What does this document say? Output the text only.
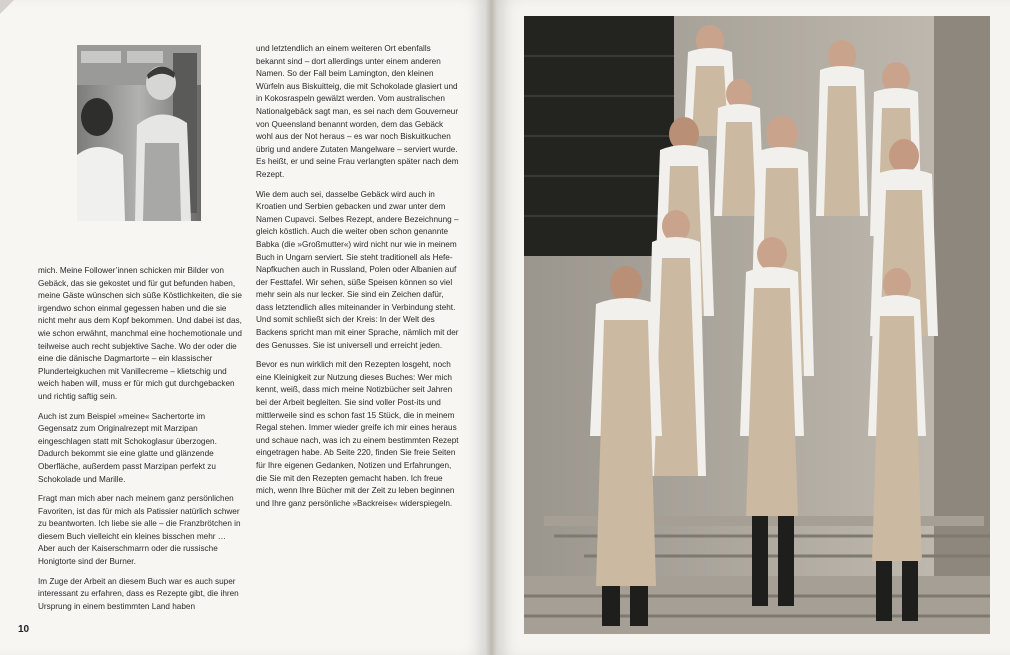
mich. Meine Follower’innen schicken mir Bilder von Gebäck, das sie gekostet und für gut befunden haben, meine Gäste wünschen sich süße Köstlichkeiten, die sie irgendwo schon einmal gegessen haben und die sie nicht mehr aus dem Kopf bekommen. Und dabei ist das, wie schon erwähnt, manchmal eine hochemotionale und teilweise auch recht subjektive Sache. Wo der oder die eine die dänische Dagmartorte – ein klassischer Plunderteigkuchen mit Vanillecreme – klietschig und weich haben will, muss er für mich gut durchgebacken und richtig saftig sein.

Auch ist zum Beispiel »meine« Sachertorte im Gegensatz zum Originalrezept mit Marzipan eingeschlagen statt mit Schokoglasur überzogen. Dadurch bekommt sie eine glatte und glänzende Oberfläche, außerdem passt Marzipan perfekt zu Schokolade und Marille.

Fragt man mich aber nach meinem ganz persönlichen Favoriten, ist das für mich als Patissier natürlich schwer zu beantworten. Ich liebe sie alle – die Franzbrötchen in diesem Buch vielleicht ein kleines bisschen mehr … Aber auch der Kaiserschmarrn oder die russische Honigtorte sind der Burner.

Im Zuge der Arbeit an diesem Buch war es auch super interessant zu erfahren, dass es Rezepte gibt, die ihren Ursprung in einem bestimmten Land haben

und letztendlich an einem weiteren Ort ebenfalls bekannt sind – dort allerdings unter einem anderen Namen. So der Fall beim Lamington, den kleinen Würfeln aus Biskuitteig, die mit Schokolade glasiert und in Kokosraspeln gewälzt werden. Vom australischen Nationalgebäck sagt man, es sei nach dem Gouverneur von Queensland benannt worden, dem das Gebäck wohl aus der Not heraus – es war noch Biskuitkuchen übrig und andere Zutaten Mangelware – serviert wurde. Es heißt, er und seine Frau verlangten später nach dem Rezept.

Wie dem auch sei, dasselbe Gebäck wird auch in Kroatien und Serbien gebacken und zwar unter dem Namen Cupavci. Selbes Rezept, andere Bezeichnung – gleich köstlich. Auch die weiter oben schon genannte Babka (die »Großmutter«) wird nicht nur wie in meinem Buch in Ungarn serviert. Sie steht traditionell als Hefe-Napfkuchen auch in Russland, Polen oder Albanien auf der Festtafel. Wir sehen, süße Speisen können so viel mehr sein als nur lecker. Sie sind ein Zeichen dafür, dass letztendlich alles miteinander in Verbindung steht. Und somit schließt sich der Kreis: In der Welt des Backens spricht man mit einer Sprache, nämlich mit der des Genusses. Sie ist universell und erreicht jeden.

Bevor es nun wirklich mit den Rezepten losgeht, noch eine Kleinigkeit zur Nutzung dieses Buches: Wer mich kennt, weiß, dass mich meine Notizbücher seit Jahren bei der Arbeit begleiten. Sie sind voller Post-its und mittlerweile sind es schon fast 15 Stück, die in meinem Regal stehen. Immer wieder greife ich mir eines heraus und schaue nach, was ich zu einem bestimmten Rezept eingetragen habe. Ab Seite 220, finden Sie freie Seiten für Ihre eigenen Gedanken, Notizen und Erfahrungen, die Sie mit den Rezepten gemacht haben. Ich freue mich, wenn Ihre Bücher mit der Zeit zu leben beginnen und Ihre ganz persönliche »Backreise« widerspiegeln.

10
